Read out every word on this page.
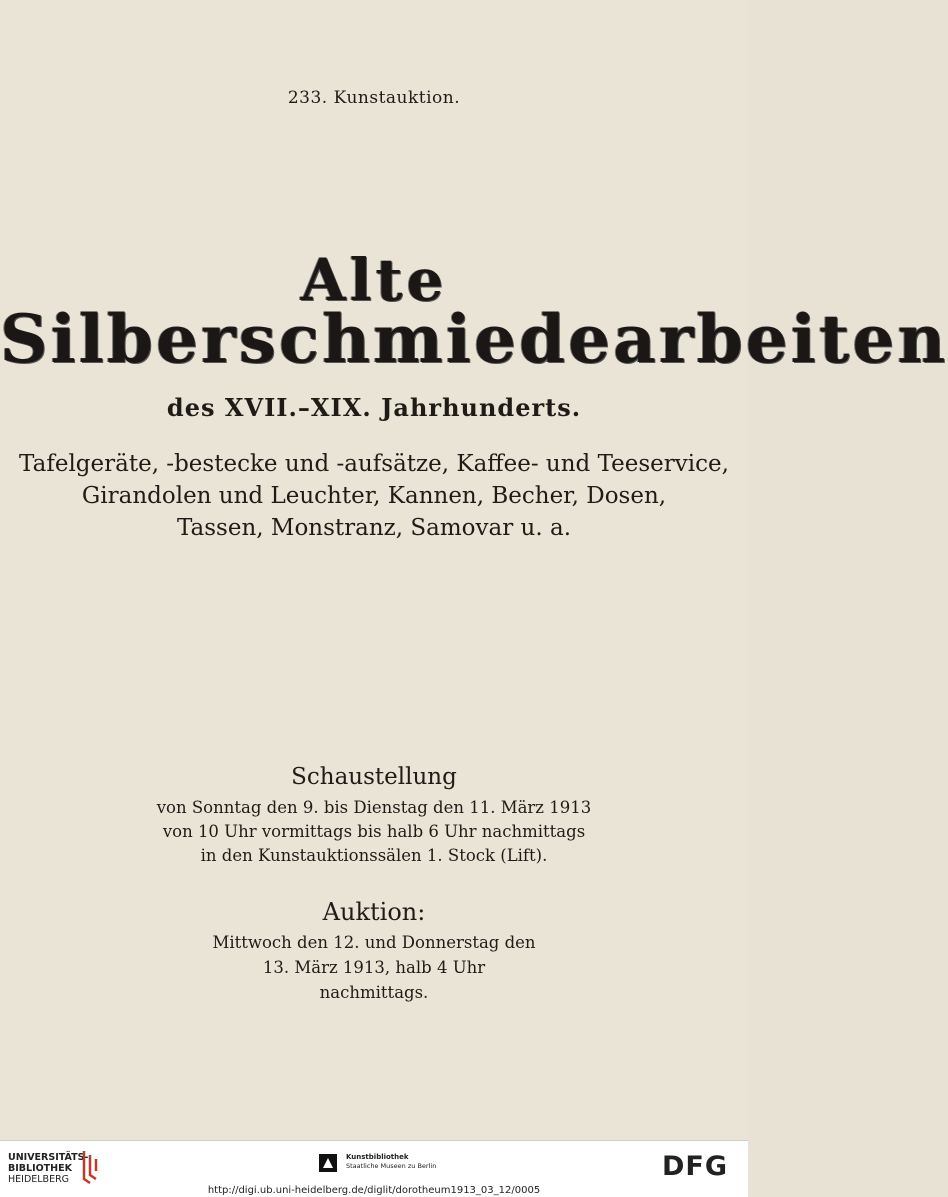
233. Kunstauktion.
Alte
Silberschmiedearbeiten
des XVII.–XIX. Jahrhunderts.
Tafelgeräte, -bestecke und -aufsätze, Kaffee- und Teeservice,
Girandolen und Leuchter, Kannen, Becher, Dosen,
Tassen, Monstranz, Samovar u. a.
Schaustellung
von Sonntag den 9. bis Dienstag den 11. März 1913
von 10 Uhr vormittags bis halb 6 Uhr nachmittags
in den Kunstauktionssälen 1. Stock (Lift).
Auktion:
Mittwoch den 12. und Donnerstag den
13. März 1913, halb 4 Uhr
nachmittags.
UNIVERSITÄTS-
BIBLIOTHEK
HEIDELBERG
Kunstbibliothek
Staatliche Museen zu Berlin	DFG
http://digi.ub.uni-heidelberg.de/diglit/dorotheum1913_03_12/0005
